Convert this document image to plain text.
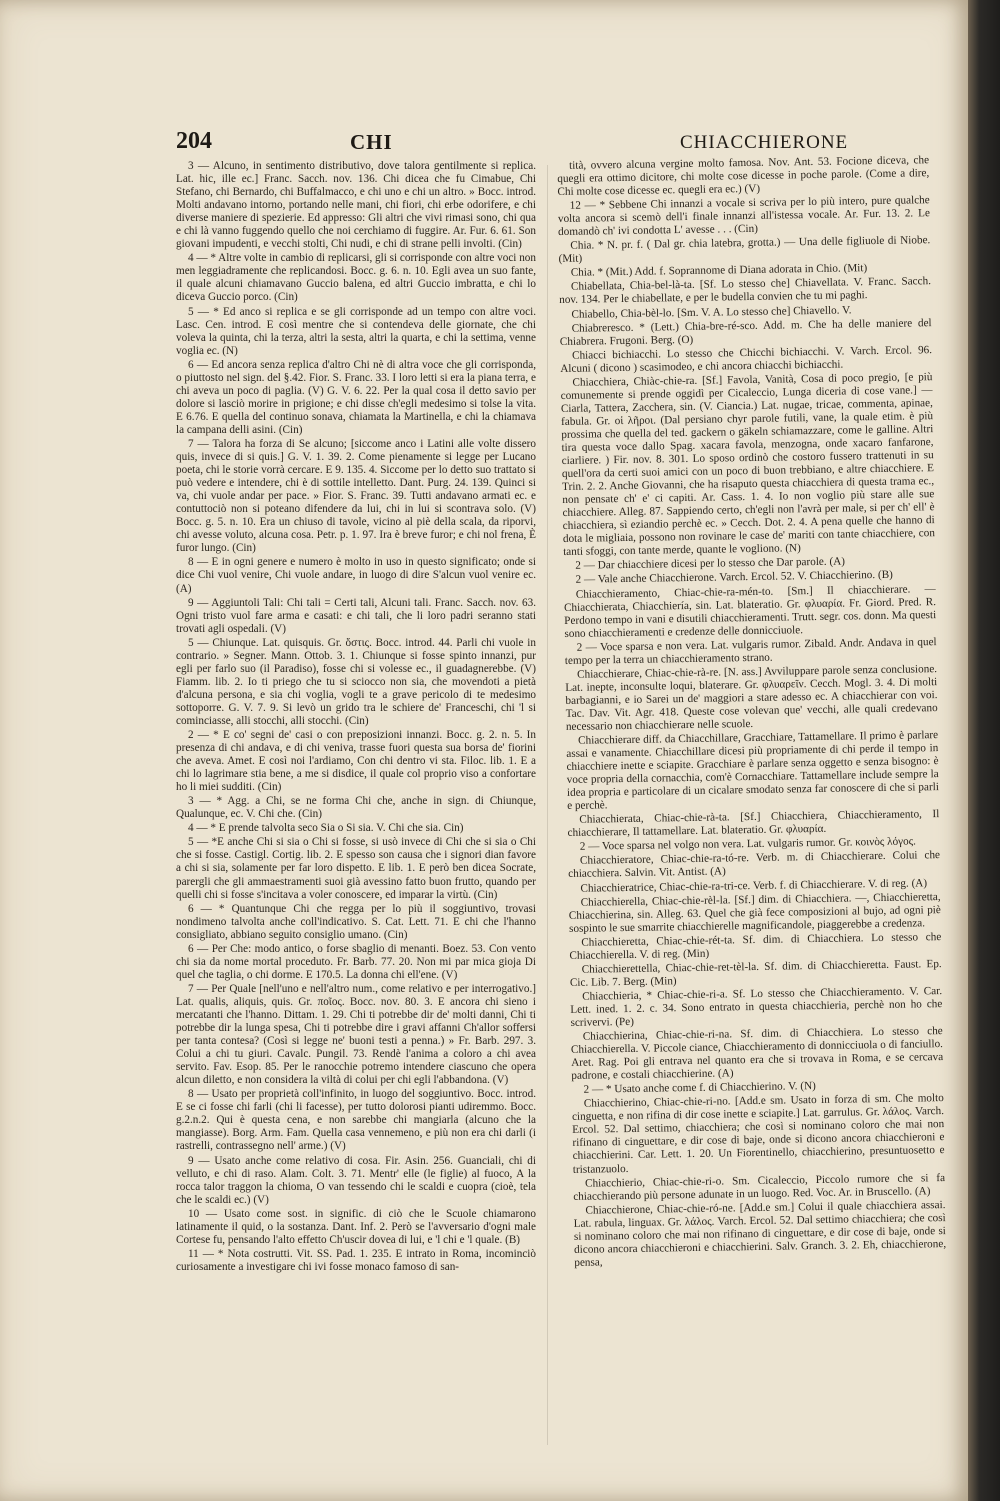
204	CHI	CHIACCHIERONE

3 — Alcuno, in sentimento distributivo, dove talora gentilmente si replica. Lat. hic, ille ec.] Franc. Sacch. nov. 136. Chi dicea che fu Cimabue, Chi Stefano, chi Bernardo, chi Buffalmacco, e chi uno e chi un altro. » Bocc. introd. Molti andavano intorno, portando nelle mani, chi fiori, chi erbe odorifere, e chi diverse maniere di spezierie. Ed appresso: Gli altri che vivi rimasi sono, chi qua e chi là vanno fuggendo quello che noi cerchiamo di fuggire. Ar. Fur. 6. 61. Son giovani impudenti, e vecchi stolti, Chi nudi, e chi di strane pelli involti. (Cin)

4 — * Altre volte in cambio di replicarsi, gli si corrisponde con altre voci non men leggiadramente che replicandosi. Bocc. g. 6. n. 10. Egli avea un suo fante, il quale alcuni chiamavano Guccio balena, ed altri Guccio imbratta, e chi lo diceva Guccio porco. (Cin)

5 — * Ed anco si replica e se gli corrisponde ad un tempo con altre voci. Lasc. Cen. introd. E così mentre che si contendeva delle giornate, che chi voleva la quinta, chi la terza, altri la sesta, altri la quarta, e chi la settima, venne voglia ec. (N)

6 — Ed ancora senza replica d'altro Chi nè di altra voce che gli corrisponda, o piuttosto nel sign. del §.42. Fior. S. Franc. 33. I loro letti si era la piana terra, e chi aveva un poco di paglia. (V) G. V. 6. 22. Per la qual cosa il detto savio per dolore si lasciò morire in prigione; e chi disse ch'egli medesimo si tolse la vita. E 6.76. E quella del continuo sonava, chiamata la Martinella, e chi la chiamava la campana delli asini. (Cin)

7 — Talora ha forza di Se alcuno; [siccome anco i Latini alle volte dissero quis, invece di si quis.] G. V. 1. 39. 2. Come pienamente si legge per Lucano poeta, chi le storie vorrà cercare. E 9. 135. 4. Siccome per lo detto suo trattato si può vedere e intendere, chi è di sottile intelletto. Dant. Purg. 24. 139. Quinci si va, chi vuole andar per pace. » Fior. S. Franc. 39. Tutti andavano armati ec. e contuttociò non si poteano difendere da lui, chi in lui si scontrava solo. (V) Bocc. g. 5. n. 10. Era un chiuso di tavole, vicino al piè della scala, da riporvi, chi avesse voluto, alcuna cosa. Petr. p. 1. 97. Ira è breve furor; e chi nol frena, È furor lungo. (Cin)

8 — E in ogni genere e numero è molto in uso in questo significato; onde si dice Chi vuol venire, Chi vuole andare, in luogo di dire S'alcun vuol venire ec. (A)

9 — Aggiuntoli Tali: Chi tali = Certi tali, Alcuni tali. Franc. Sacch. nov. 63. Ogni tristo vuol fare arma e casati: e chi tali, che li loro padri seranno stati trovati agli ospedali. (V)

5 — Chiunque. Lat. quisquis. Gr. ὅστις. Bocc. introd. 44. Parli chi vuole in contrario. » Segner. Mann. Ottob. 3. 1. Chiunque si fosse spinto innanzi, pur egli per farlo suo (il Paradiso), fosse chi si volesse ec., il guadagnerebbe. (V) Fiamm. lib. 2. Io ti priego che tu si sciocco non sia, che movendoti a pietà d'alcuna persona, e sia chi voglia, vogli te a grave pericolo di te medesimo sottoporre. G. V. 7. 9. Si levò un grido tra le schiere de' Franceschi, chi 'l si cominciasse, alli stocchi, alli stocchi. (Cin)

2 — * E co' segni de' casi o con preposizioni innanzi. Bocc. g. 2. n. 5. In presenza di chi andava, e di chi veniva, trasse fuori questa sua borsa de' fiorini che aveva. Amet. E così noi l'ardiamo, Con chi dentro vi sta. Filoc. lib. 1. E a chi lo lagrimare stia bene, a me si disdice, il quale col proprio viso a confortare ho li miei sudditi. (Cin)

3 — * Agg. a Chi, se ne forma Chi che, anche in sign. di Chiunque, Qualunque, ec. V. Chi che. (Cin)

4 — * E prende talvolta seco Sia o Si sia. V. Chi che sia. Cin)

5 — *E anche Chi si sia o Chi si fosse, si usò invece di Chi che si sia o Chi che si fosse. Castigl. Cortig. lib. 2. E spesso son causa che i signori dian favore a chi si sia, solamente per far loro dispetto. E lib. 1. E però ben dicea Socrate, parergli che gli ammaestramenti suoi già avessino fatto buon frutto, quando per quelli chi si fosse s'incitava a voler conoscere, ed imparar la virtù. (Cin)

6 — * Quantunque Chi che regga per lo più il soggiuntivo, trovasi nondimeno talvolta anche coll'indicativo. S. Cat. Lett. 71. E chi che l'hanno consigliato, abbiano seguito consiglio umano. (Cin)

6 — Per Che: modo antico, o forse sbaglio di menanti. Boez. 53. Con vento chi sia da nome mortal proceduto. Fr. Barb. 77. 20. Non mi par mica gioja Di quel che taglia, o chi dorme. E 170.5. La donna chi ell'ene. (V)

7 — Per Quale [nell'uno e nell'altro num., come relativo e per interrogativo.] Lat. qualis, aliquis, quis. Gr. ποῖος. Bocc. nov. 80. 3. E ancora chi sieno i mercatanti che l'hanno. Dittam. 1. 29. Chi ti potrebbe dir de' molti danni, Chi ti potrebbe dir la lunga spesa, Chi ti potrebbe dire i gravi affanni Ch'allor soffersi per tanta contesa? (Così si legge ne' buoni testi a penna.) » Fr. Barb. 297. 3. Colui a chi tu giuri. Cavalc. Pungil. 73. Rendè l'anima a coloro a chi avea servito. Fav. Esop. 85. Per le ranocchie potremo intendere ciascuno che opera alcun diletto, e non considera la viltà di colui per chi egli l'abbandona. (V)

8 — Usato per proprietà coll'infinito, in luogo del soggiuntivo. Bocc. introd. E se ci fosse chi farli (chi li facesse), per tutto dolorosi pianti udiremmo. Bocc. g.2.n.2. Qui è questa cena, e non sarebbe chi mangiarla (alcuno che la mangiasse). Borg. Arm. Fam. Quella casa vennemeno, e più non era chi darli (i rastrelli, contrassegno nell' arme.) (V)

9 — Usato anche come relativo di cosa. Fir. Asin. 256. Guanciali, chi di velluto, e chi di raso. Alam. Colt. 3. 71. Mentr' elle (le figlie) al fuoco, A la rocca talor traggon la chioma, O van tessendo chi le scaldi e cuopra (cioè, tela che le scaldi ec.) (V)

10 — Usato come sost. in signific. di ciò che le Scuole chiamarono latinamente il quid, o la sostanza. Dant. Inf. 2. Però se l'avversario d'ogni male Cortese fu, pensando l'alto effetto Ch'uscir dovea di lui, e 'l chi e 'l quale. (B)

11 — * Nota costrutti. Vit. SS. Pad. 1. 235. E intrato in Roma, incominciò curiosamente a investigare chi ivi fosse monaco famoso di san-

tità, ovvero alcuna vergine molto famosa. Nov. Ant. 53. Focione diceva, che quegli era ottimo dicitore, chi molte cose dicesse in poche parole. (Come a dire, Chi molte cose dicesse ec. quegli era ec.) (V)

12 — * Sebbene Chi innanzi a vocale si scriva per lo più intero, pure qualche volta ancora si scemò dell'i finale innanzi all'istessa vocale. Ar. Fur. 13. 2. Le domandò ch' ivi condotta L' avesse . . . (Cin)

Chia. * N. pr. f. ( Dal gr. chia latebra, grotta.) — Una delle figliuole di Niobe. (Mit)

Chia. * (Mit.) Add. f. Soprannome di Diana adorata in Chio. (Mit)

Chiabellata, Chia-bel-là-ta. [Sf. Lo stesso che] Chiavellata. V. Franc. Sacch. nov. 134. Per le chiabellate, e per le budella convien che tu mi paghi.

Chiabello, Chia-bèl-lo. [Sm. V. A. Lo stesso che] Chiavello. V.

Chiabreresco. * (Lett.) Chia-bre-ré-sco. Add. m. Che ha delle maniere del Chiabrera. Frugoni. Berg. (O)

Chiacci bichiacchi. Lo stesso che Chicchi bichiacchi. V. Varch. Ercol. 96. Alcuni ( dicono ) scasimodeo, e chi ancora chiacchi bichiacchi.

Chiacchiera, Chiàc-chie-ra. [Sf.] Favola, Vanità, Cosa di poco pregio, [e più comunemente si prende oggidì per Cicaleccio, Lunga diceria di cose vane.] — Ciarla, Tattera, Zacchera, sin. (V. Ciancia.) Lat. nugae, tricae, commenta, apinae, fabula. Gr. οἱ λῆροι. (Dal persiano chyr parole futili, vane, la quale etim. è più prossima che quella del ted. gackern o gäkeln schiamazzare, come le galline. Altri tira questa voce dallo Spag. xacara favola, menzogna, onde xacaro fanfarone, ciarliere. ) Fir. nov. 8. 301. Lo sposo ordinò che costoro fussero trattenuti in su quell'ora da certi suoi amici con un poco di buon trebbiano, e altre chiacchiere. E Trin. 2. 2. Anche Giovanni, che ha risaputo questa chiacchiera di questa trama ec., non pensate ch' e' ci capiti. Ar. Cass. 1. 4. Io non voglio più stare alle sue chiacchiere. Alleg. 87. Sappiendo certo, ch'egli non l'avrà per male, si per ch' ell' è chiacchiera, sì eziandio perchè ec. » Cecch. Dot. 2. 4. A pena quelle che hanno di dota le migliaia, possono non rovinare le case de' mariti con tante chiacchiere, con tanti sfoggi, con tante merde, quante le vogliono. (N)

2 — Dar chiacchiere dicesi per lo stesso che Dar parole. (A)

2 — Vale anche Chiacchierone. Varch. Ercol. 52. V. Chiacchierino. (B)

Chiacchieramento, Chiac-chie-ra-mén-to. [Sm.] Il chiacchierare. — Chiacchierata, Chiacchiería, sin. Lat. blateratio. Gr. φλυαρία. Fr. Giord. Pred. R. Perdono tempo in vani e disutili chiacchieramenti. Trutt. segr. cos. donn. Ma questi sono chiacchieramenti e credenze delle donnicciuole.

2 — Voce sparsa e non vera. Lat. vulgaris rumor. Zibald. Andr. Andava in quel tempo per la terra un chiacchieramento strano.

Chiacchierare, Chiac-chie-rà-re. [N. ass.] Avviluppare parole senza conclusione. Lat. inepte, inconsulte loqui, blaterare. Gr. φλυαρεῖν. Cecch. Mogl. 3. 4. Di molti barbagianni, e io Sarei un de' maggiori a stare adesso ec. A chiacchierar con voi. Tac. Dav. Vit. Agr. 418. Queste cose volevan que' vecchi, alle quali credevano necessario non chiacchierare nelle scuole.

Chiacchierare diff. da Chiacchillare, Gracchiare, Tattamellare. Il primo è parlare assai e vanamente. Chiacchillare dicesi più propriamente di chi perde il tempo in chiacchiere inette e sciapite. Gracchiare è parlare senza oggetto e senza bisogno: è voce propria della cornacchia, com'è Cornacchiare. Tattamellare include sempre la idea propria e particolare di un cicalare smodato senza far conoscere di che si parli e perchè.

Chiacchierata, Chiac-chie-rà-ta. [Sf.] Chiacchiera, Chiacchieramento, Il chiacchierare, Il tattamellare. Lat. blateratio. Gr. φλυαρία.

2 — Voce sparsa nel volgo non vera. Lat. vulgaris rumor. Gr. κοινὸς λόγος.

Chiacchieratore, Chiac-chie-ra-tó-re. Verb. m. di Chiacchierare. Colui che chiacchiera. Salvin. Vit. Antist. (A)

Chiacchieratrice, Chiac-chie-ra-tri-ce. Verb. f. di Chiacchierare. V. di reg. (A)

Chiacchierella, Chiac-chie-rèl-la. [Sf.] dim. di Chiacchiera. —, Chiacchieretta, Chiacchierina, sin. Alleg. 63. Quel che già fece composizioni al bujo, ad ogni piè sospinto le sue smarrite chiacchierelle magnificandole, piaggerebbe a credenza.

Chiacchieretta, Chiac-chie-rét-ta. Sf. dim. di Chiacchiera. Lo stesso che Chiacchierella. V. di reg. (Min)

Chiacchierettella, Chiac-chie-ret-tèl-la. Sf. dim. di Chiacchieretta. Faust. Ep. Cic. Lib. 7. Berg. (Min)

Chiacchieria, * Chiac-chie-ri-a. Sf. Lo stesso che Chiacchieramento. V. Car. Lett. ined. 1. 2. c. 34. Sono entrato in questa chiacchieria, perchè non ho che scrivervi. (Pe)

Chiacchierina, Chiac-chie-ri-na. Sf. dim. di Chiacchiera. Lo stesso che Chiacchierella. V. Piccole ciance, Chiacchieramento di donnicciuola o di fanciullo. Aret. Rag. Poi gli entrava nel quanto era che si trovava in Roma, e se cercava padrone, e costali chiacchierine. (A)

2 — * Usato anche come f. di Chiacchierino. V. (N)

Chiacchierino, Chiac-chie-ri-no. [Add.e sm. Usato in forza di sm. Che molto cinguetta, e non rifina di dir cose inette e sciapite.] Lat. garrulus. Gr. λάλος. Varch. Ercol. 52. Dal settimo, chiacchiera; che così si nominano coloro che mai non rifinano di cinguettare, e dir cose di baje, onde si dicono ancora chiacchieroni e chiacchierini. Car. Lett. 1. 20. Un Fiorentinello, chiacchierino, presuntuosetto e tristanzuolo.

Chiacchierio, Chiac-chie-ri-o. Sm. Cicaleccio, Piccolo rumore che si fa chiacchierando più persone adunate in un luogo. Red. Voc. Ar. in Bruscello. (A)

Chiacchierone, Chiac-chie-ró-ne. [Add.e sm.] Colui il quale chiacchiera assai. Lat. rabula, linguax. Gr. λάλος. Varch. Ercol. 52. Dal settimo chiacchiera; che così si nominano coloro che mai non rifinano di cinguettare, e dir cose di baje, onde si dicono ancora chiacchieroni e chiacchierini. Salv. Granch. 3. 2. Eh, chiacchierone, pensa,
